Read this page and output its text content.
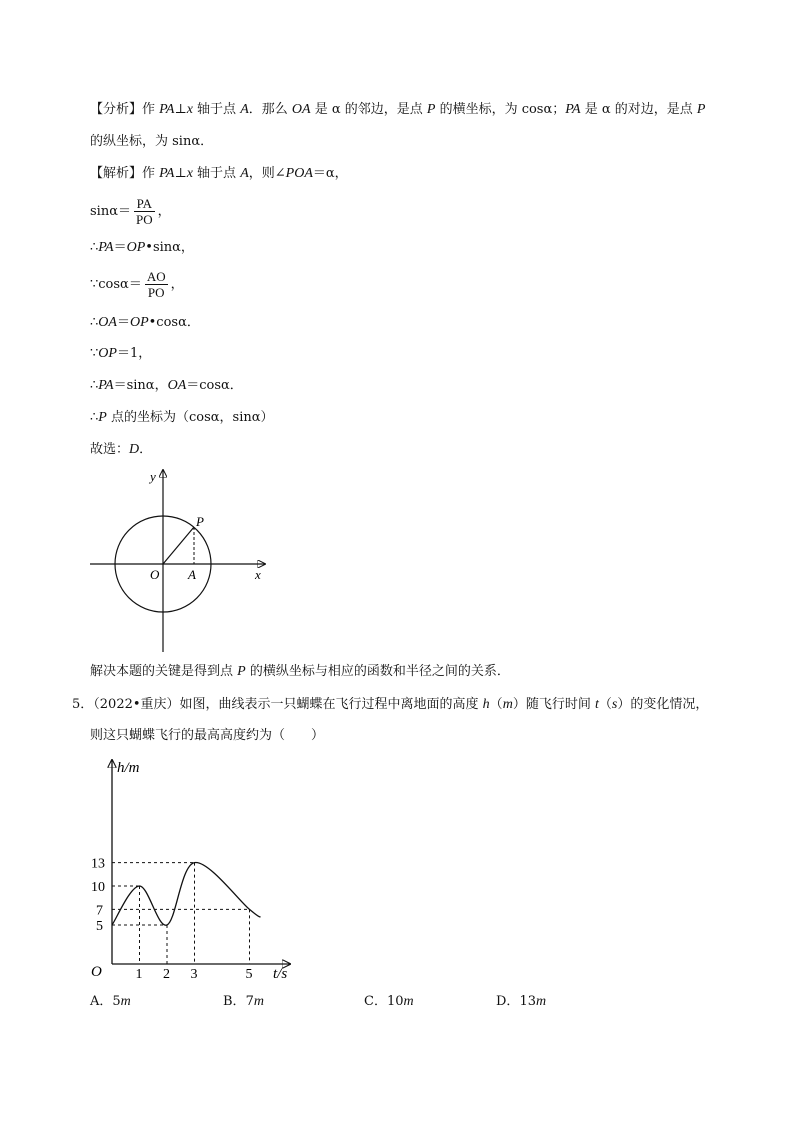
【分析】作 PA⊥x 轴于点 A．那么 OA 是 α 的邻边，是点 P 的横坐标，为 cosα；PA 是 α 的对边，是点 P
的纵坐标，为 sinα．
【解析】作 PA⊥x 轴于点 A，则∠POA＝α，
$\sin\alpha= \frac{PA}{PO}$ ，
∴PA＝OP•sinα，
∵cosα＝ $\frac{AO}{PO}$ ，
∴OA＝OP•cosα．
∵OP＝1，
∴PA＝sinα，OA＝cosα．
∴P 点的坐标为（cosα，sinα）
故选：D．
y
x
O A
P
解决本题的关键是得到点 P 的横纵坐标与相应的函数和半径之间的关系．
5．（2022•重庆）如图，曲线表示一只蝴蝶在飞行过程中离地面的高度 h（m）随飞行时间 t（s）的变化情况，
则这只蝴蝶飞行的最高高度约为（　　）
h/m
t/s
O 1 2 3	5
5
7
10
13
A．5m	B．7m	C．10m	D．13m
